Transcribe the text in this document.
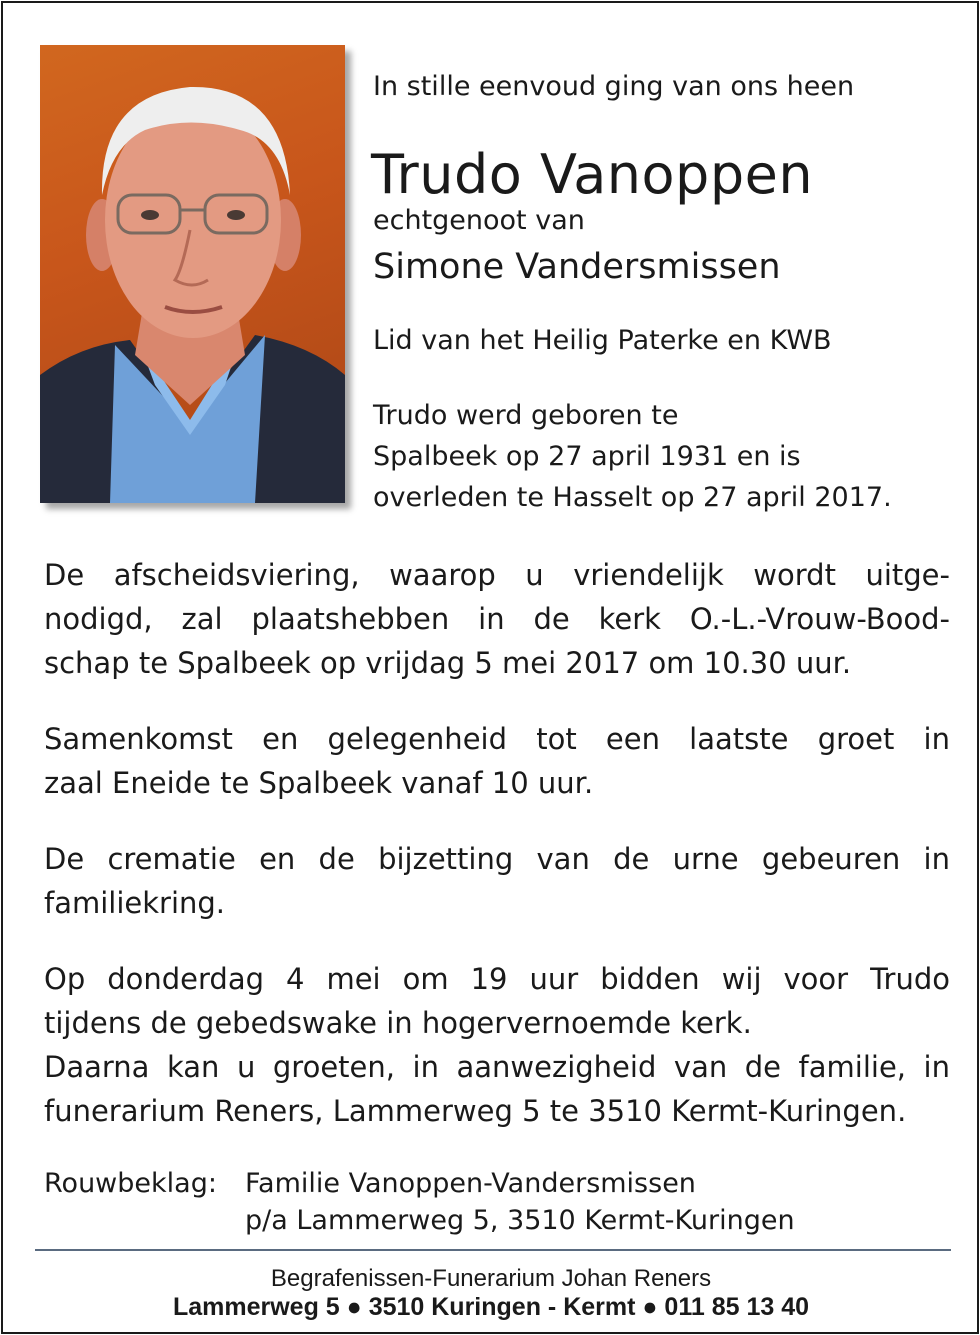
In stille eenvoud ging van ons heen
Trudo Vanoppen
echtgenoot van
Simone Vandersmissen
Lid van het Heilig Paterke en KWB
Trudo werd geboren te
Spalbeek op 27 april 1931 en is
overleden te Hasselt op 27 april 2017.
De afscheidsviering, waarop u vriendelijk wordt uitge-
nodigd, zal plaatshebben in de kerk O.-L.-Vrouw-Bood-
schap te Spalbeek op vrijdag 5 mei 2017 om 10.30 uur.
Samenkomst en gelegenheid tot een laatste groet in
zaal Eneide te Spalbeek vanaf 10 uur.
De crematie en de bijzetting van de urne gebeuren in
familiekring.
Op donderdag 4 mei om 19 uur bidden wij voor Trudo
tijdens de gebedswake in hogervernoemde kerk.
Daarna kan u groeten, in aanwezigheid van de familie, in
funerarium Reners, Lammerweg 5 te 3510 Kermt-Kuringen.
Rouwbeklag: Familie Vanoppen-Vandersmissen
p/a Lammerweg 5, 3510 Kermt-Kuringen
Begrafenissen-Funerarium Johan Reners
Lammerweg 5 ● 3510 Kuringen - Kermt ● 011 85 13 40
